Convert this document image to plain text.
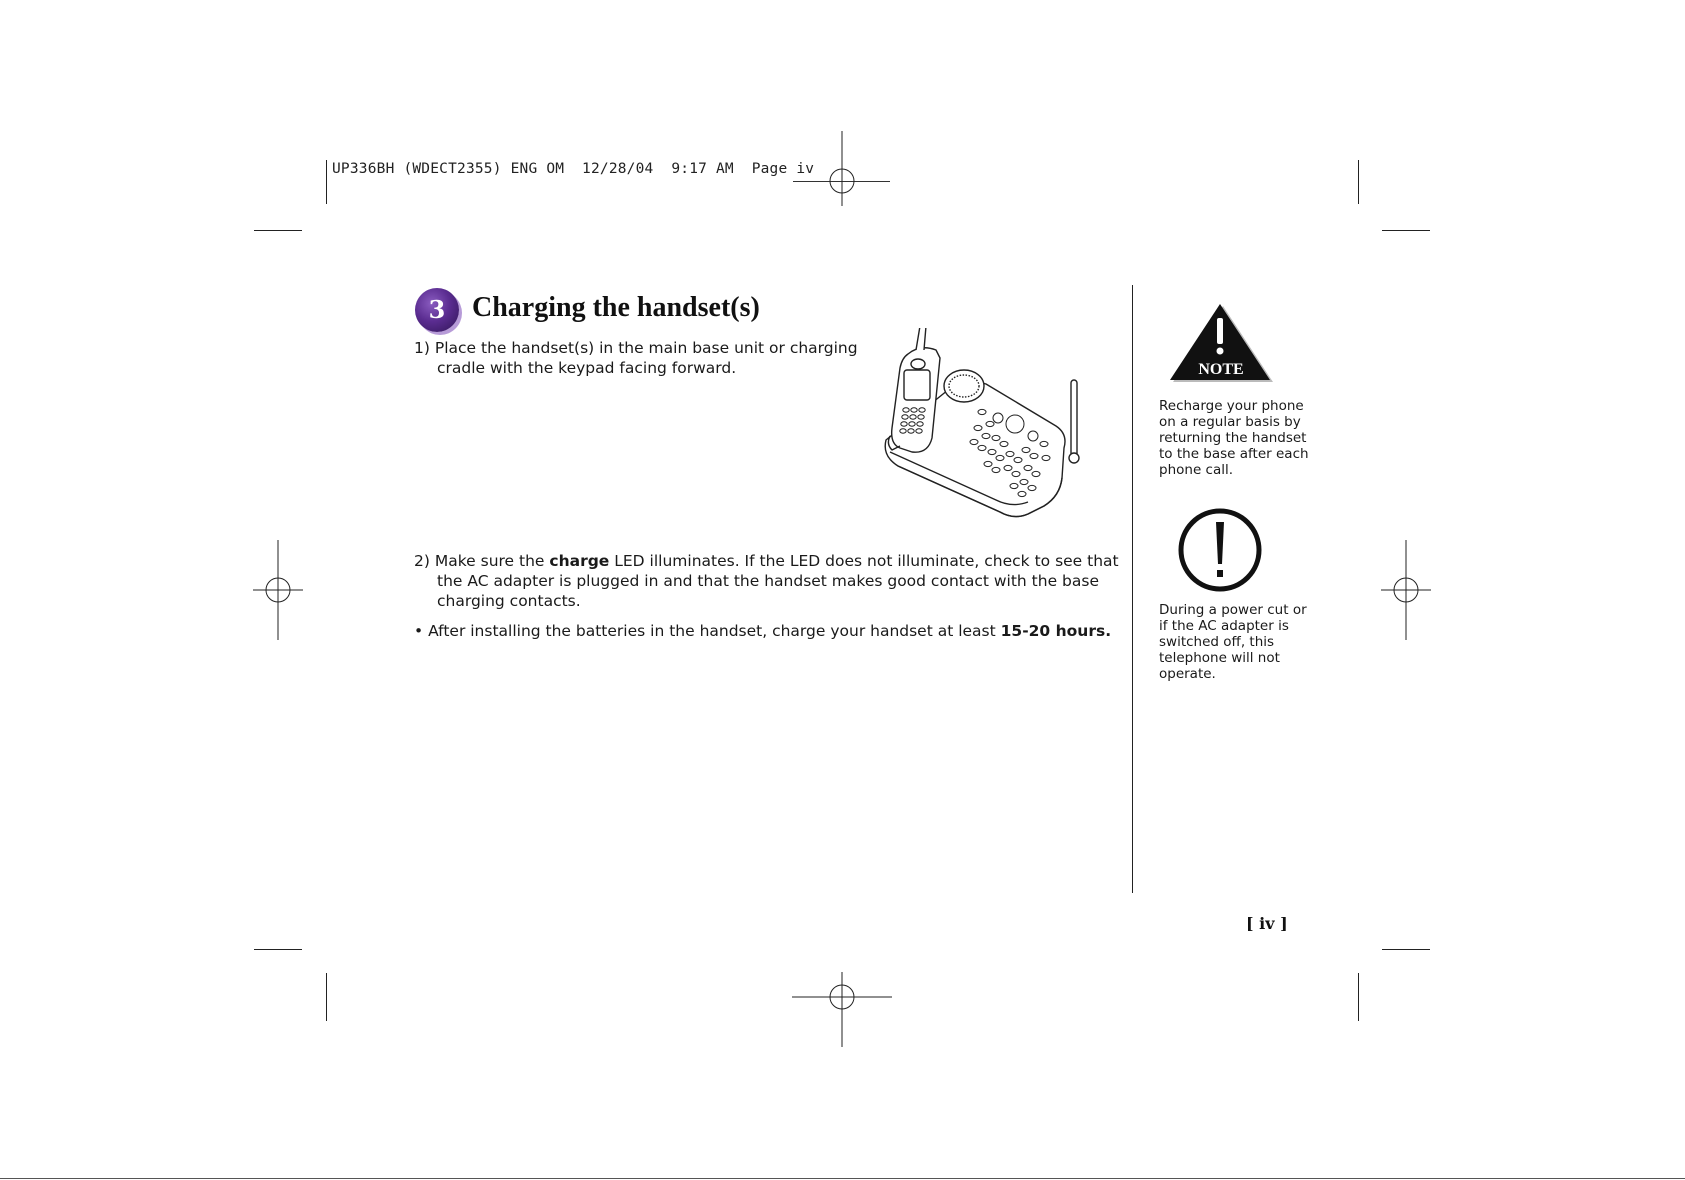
UP336BH (WDECT2355) ENG OM  12/28/04  9:17 AM  Page iv
3 Charging the handset(s)
1) Place the handset(s) in the main base unit or charging cradle with the keypad facing forward.
2) Make sure the charge LED illuminates. If the LED does not illuminate, check to see that the AC adapter is plugged in and that the handset makes good contact with the base charging contacts.
• After installing the batteries in the handset, charge your handset at least 15-20 hours.
NOTE
Recharge your phone on a regular basis by returning the handset to the base after each phone call.
During a power cut or if the AC adapter is switched off, this telephone will not operate.
[ iv ]
